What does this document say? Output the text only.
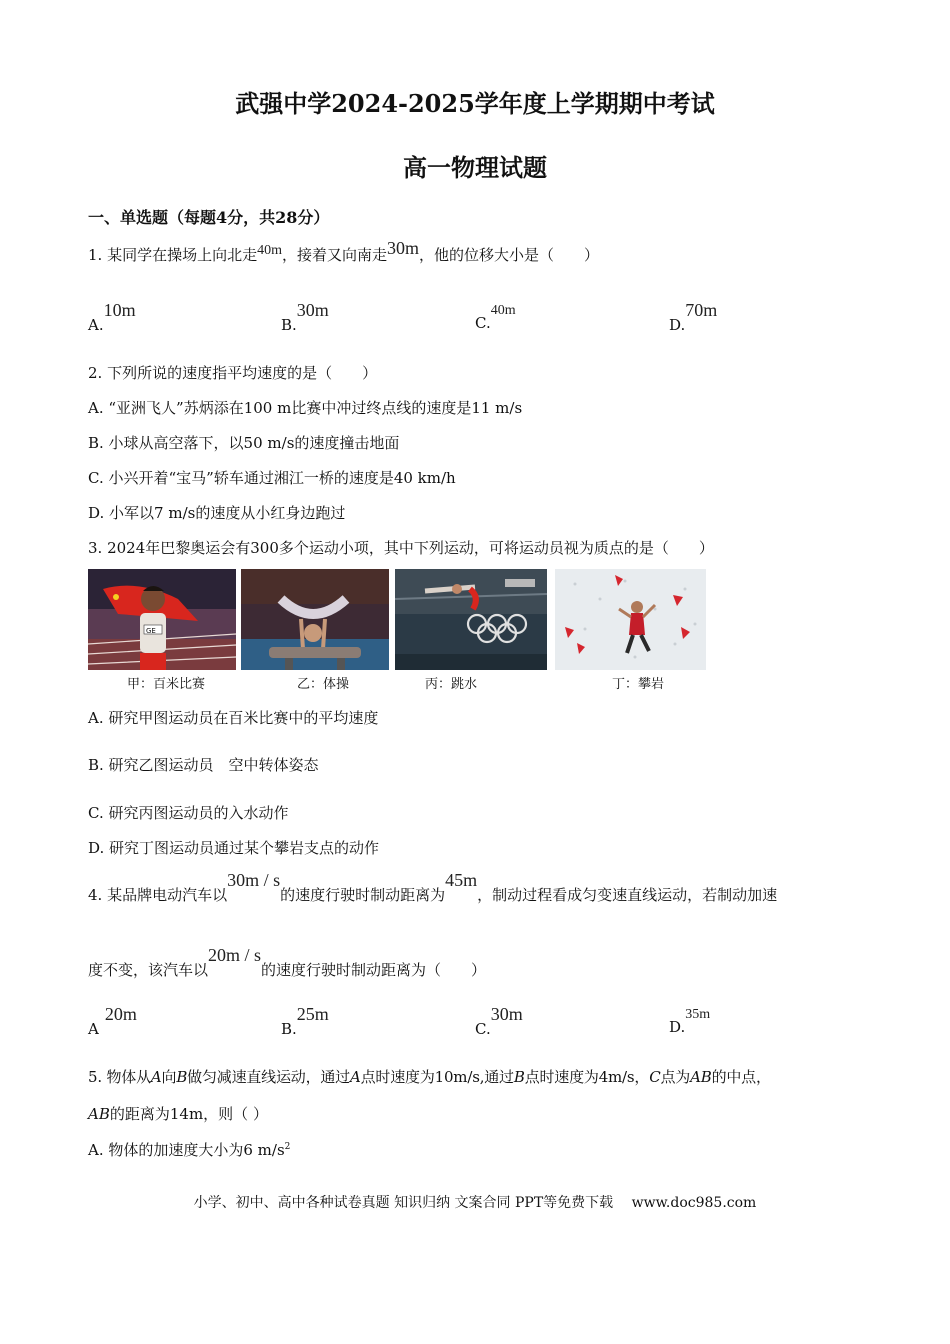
武强中学2024-2025学年度上学期期中考试
高一物理试题
一、单选题（每题4分，共28分）
1. 某同学在操场上向北走40m，接着又向南走30m，他的位移大小是（　　）
A.10m
B.30m
C.40m
D.70m
2. 下列所说的速度指平均速度的是（　　）
A. “亚洲飞人”苏炳添在100 m比赛中冲过终点线的速度是11 m/s
B. 小球从高空落下，以50 m/s的速度撞击地面
C. 小兴开着“宝马”轿车通过湘江一桥的速度是40 km/h
D. 小军以7 m/s的速度从小红身边跑过
3. 2024年巴黎奥运会有300多个运动小项，其中下列运动，可将运动员视为质点的是（　　）
GE
甲：百米比赛	乙：体操	丙：跳水	丁：攀岩
A. 研究甲图运动员在百米比赛中的平均速度
B. 研究乙图运动员　空中转体姿态
C. 研究丙图运动员的入水动作
D. 研究丁图运动员通过某个攀岩支点的动作
4. 某品牌电动汽车以30m / s的速度行驶时制动距离为45m，制动过程看成匀变速直线运动，若制动加速
度不变，该汽车以20m / s的速度行驶时制动距离为（　　）
A20m
B.25m
C.30m
D.35m
5. 物体从A向B做匀减速直线运动，通过A点时速度为10m/s,通过B点时速度为4m/s，C点为AB的中点，
AB的距离为14m，则（ ）
A. 物体的加速度大小为6 $m/s^2$
小学、初中、高中各种试卷真题 知识归纳 文案合同 PPT等免费下载　 www.doc985.com
